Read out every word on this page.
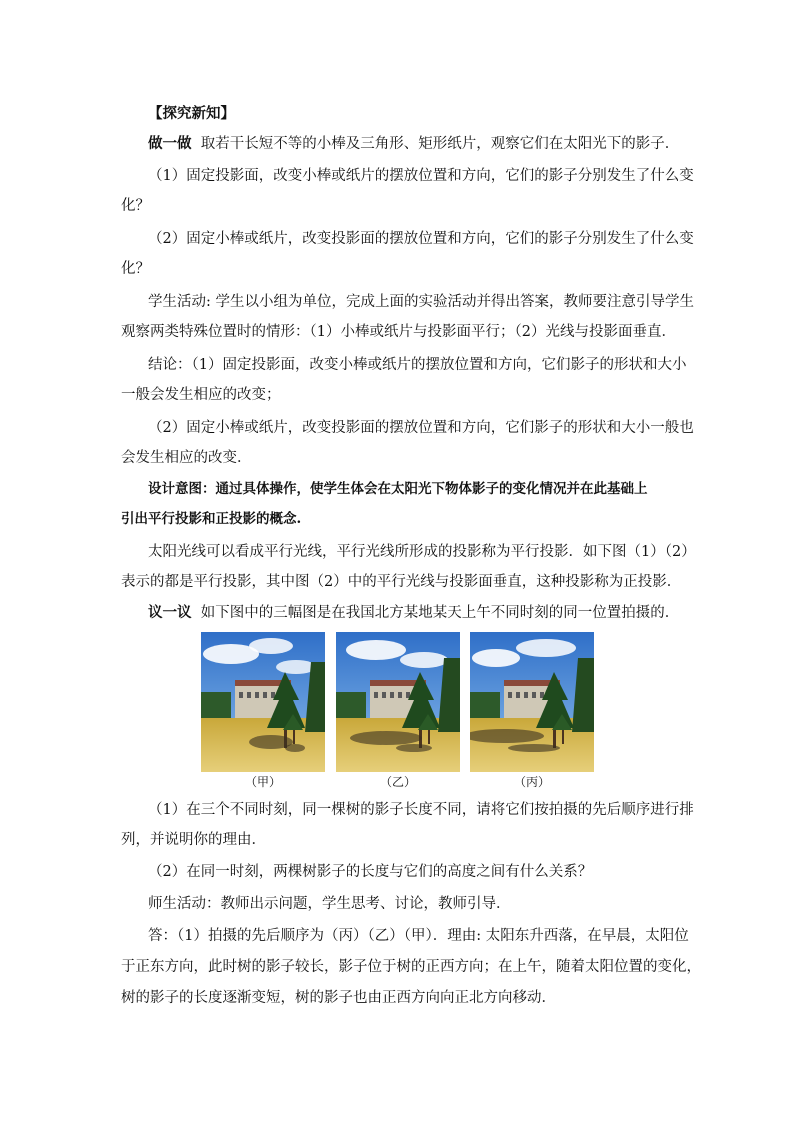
【探究新知】
做一做 取若干长短不等的小棒及三角形、矩形纸片，观察它们在太阳光下的影子．
（1）固定投影面，改变小棒或纸片的摆放位置和方向，它们的影子分别发生了什么变
化？
（2）固定小棒或纸片，改变投影面的摆放位置和方向，它们的影子分别发生了什么变
化？
学生活动: 学生以小组为单位，完成上面的实验活动并得出答案，教师要注意引导学生
观察两类特殊位置时的情形：（1）小棒或纸片与投影面平行；（2）光线与投影面垂直．
结论：（1）固定投影面，改变小棒或纸片的摆放位置和方向，它们影子的形状和大小
一般会发生相应的改变；
（2）固定小棒或纸片，改变投影面的摆放位置和方向，它们影子的形状和大小一般也
会发生相应的改变．
设计意图：通过具体操作，使学生体会在太阳光下物体影子的变化情况并在此基础上
引出平行投影和正投影的概念.
太阳光线可以看成平行光线，平行光线所形成的投影称为平行投影．如下图（1）（2）
表示的都是平行投影，其中图（2）中的平行光线与投影面垂直，这种投影称为正投影．
议一议 如下图中的三幅图是在我国北方某地某天上午不同时刻的同一位置拍摄的．
（甲）	（乙）	（丙）
（1）在三个不同时刻，同一棵树的影子长度不同，请将它们按拍摄的先后顺序进行排
列，并说明你的理由．
（2）在同一时刻，两棵树影子的长度与它们的高度之间有什么关系？
师生活动：教师出示问题，学生思考、讨论，教师引导．
答：（1）拍摄的先后顺序为（丙）（乙）（甲）．理由: 太阳东升西落，在早晨，太阳位
于正东方向，此时树的影子较长，影子位于树的正西方向；在上午，随着太阳位置的变化，
树的影子的长度逐渐变短，树的影子也由正西方向向正北方向移动．
